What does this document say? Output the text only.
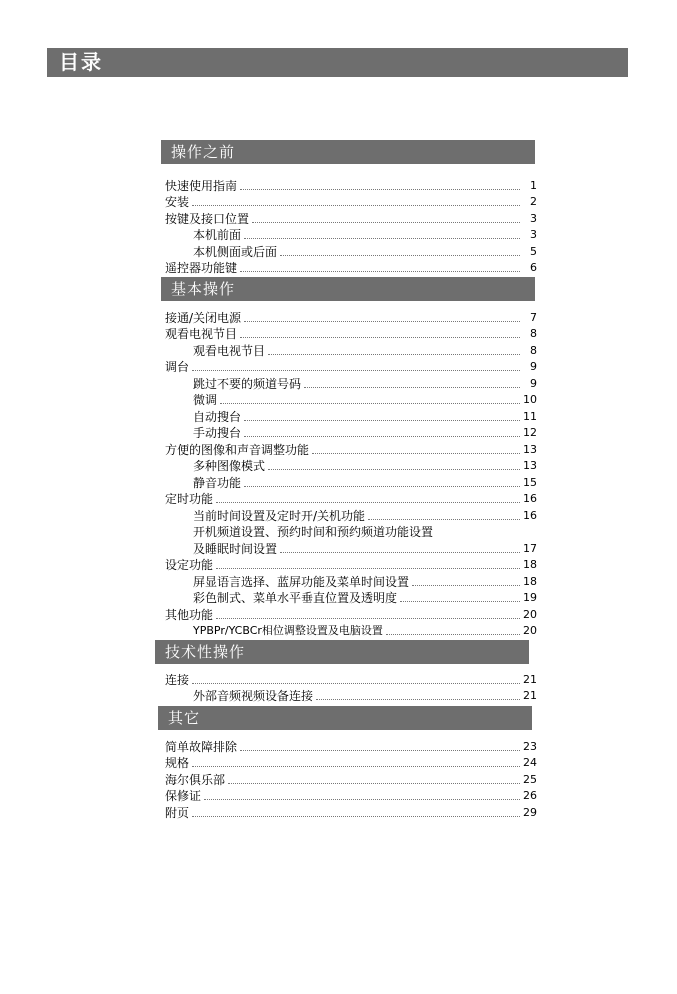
目录
操作之前
快速使用指南	1
安装	2
按键及接口位置	3
本机前面	3
本机侧面或后面	5
遥控器功能键	6
基本操作
接通/关闭电源	7
观看电视节目	8
观看电视节目	8
调台	9
跳过不要的频道号码	9
微调	10
自动搜台	11
手动搜台	12
方便的图像和声音调整功能	13
多种图像模式	13
静音功能	15
定时功能	16
当前时间设置及定时开/关机功能	16
开机频道设置、预约时间和预约频道功能设置
及睡眠时间设置	17
设定功能	18
屏显语言选择、蓝屏功能及菜单时间设置	18
彩色制式、菜单水平垂直位置及透明度	19
其他功能	20
YPBPr/YCBCr相位调整设置及电脑设置	20
技术性操作
连接	21
外部音频视频设备连接	21
其它
简单故障排除	23
规格	24
海尔俱乐部	25
保修证	26
附页	29
